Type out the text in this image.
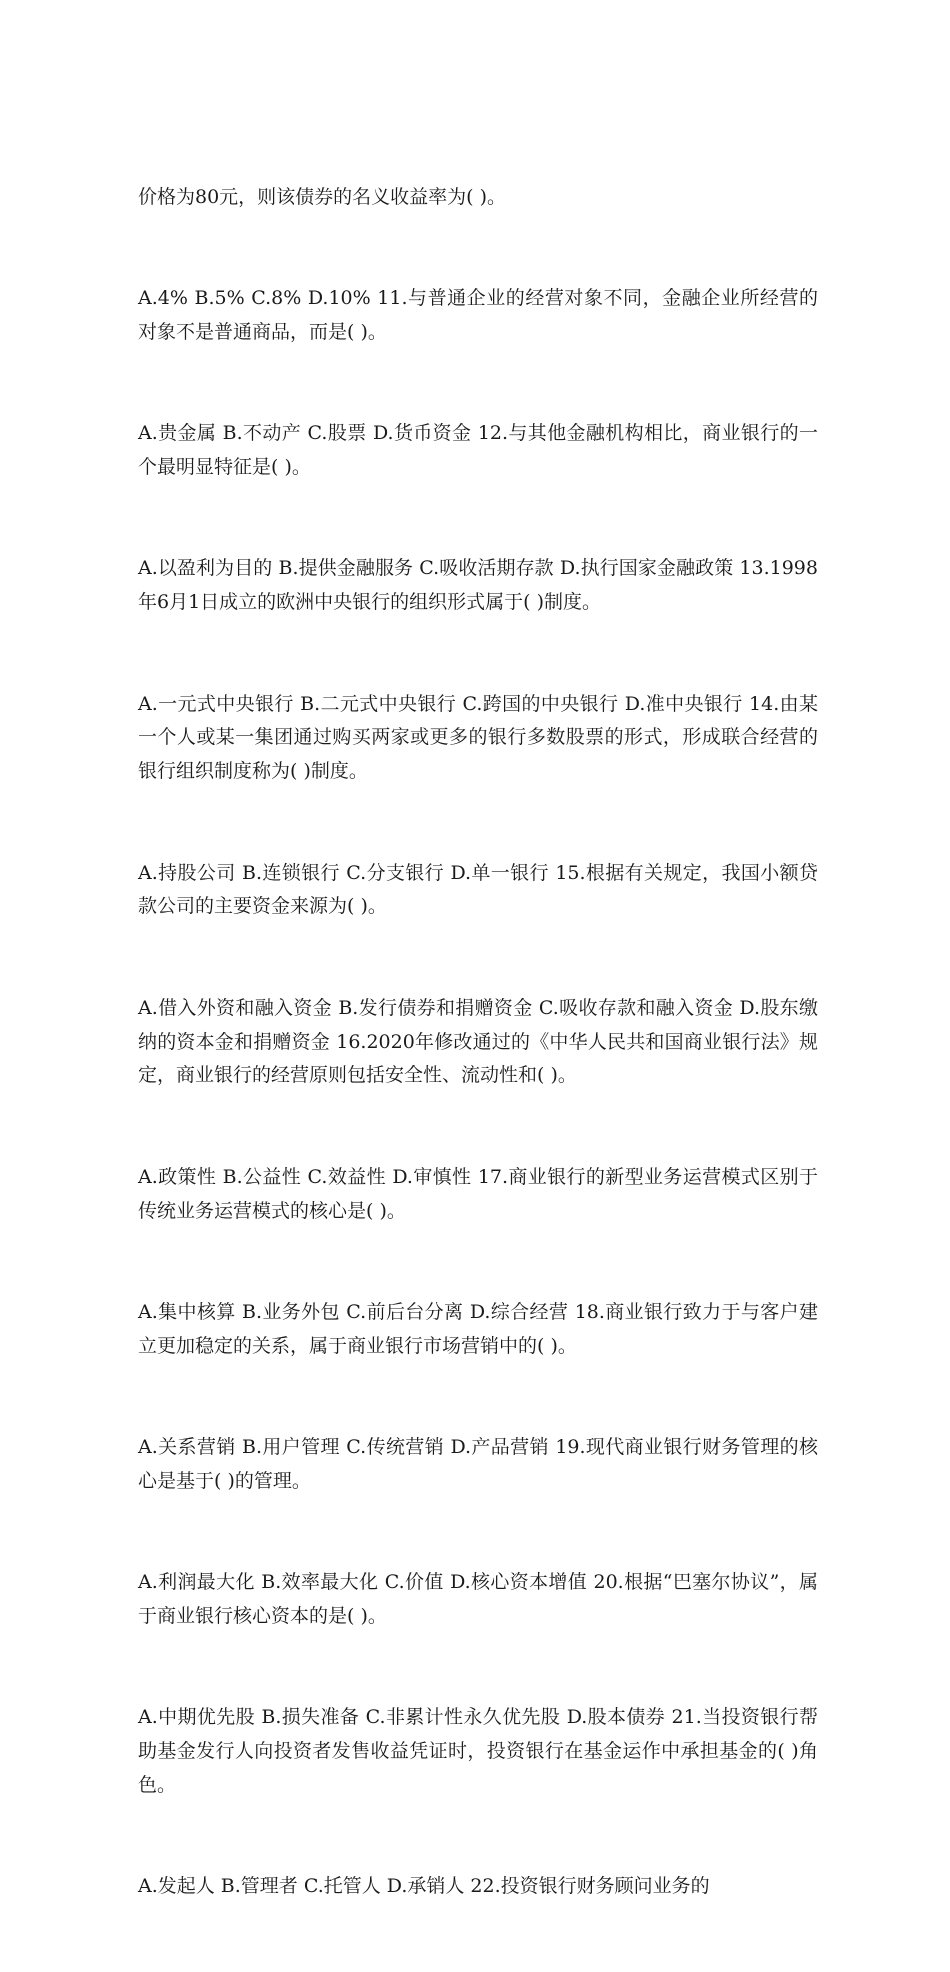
价格为80元，则该债券的名义收益率为( )。

A.4% B.5% C.8% D.10% 11.与普通企业的经营对象不同，金融企业所经营的对象不是普通商品，而是( )。

A.贵金属 B.不动产 C.股票 D.货币资金 12.与其他金融机构相比，商业银行的一个最明显特征是( )。

A.以盈利为目的 B.提供金融服务 C.吸收活期存款 D.执行国家金融政策 13.1998年6月1日成立的欧洲中央银行的组织形式属于( )制度。

A.一元式中央银行 B.二元式中央银行 C.跨国的中央银行 D.准中央银行 14.由某一个人或某一集团通过购买两家或更多的银行多数股票的形式，形成联合经营的银行组织制度称为( )制度。

A.持股公司 B.连锁银行 C.分支银行 D.单一银行 15.根据有关规定，我国小额贷款公司的主要资金来源为( )。

A.借入外资和融入资金 B.发行债券和捐赠资金 C.吸收存款和融入资金 D.股东缴纳的资本金和捐赠资金 16.2020年修改通过的《中华人民共和国商业银行法》规定，商业银行的经营原则包括安全性、流动性和( )。

A.政策性 B.公益性 C.效益性 D.审慎性 17.商业银行的新型业务运营模式区别于传统业务运营模式的核心是( )。

A.集中核算 B.业务外包 C.前后台分离 D.综合经营 18.商业银行致力于与客户建立更加稳定的关系，属于商业银行市场营销中的( )。

A.关系营销 B.用户管理 C.传统营销 D.产品营销 19.现代商业银行财务管理的核心是基于( )的管理。

A.利润最大化 B.效率最大化 C.价值 D.核心资本增值 20.根据“巴塞尔协议”，属于商业银行核心资本的是( )。

A.中期优先股 B.损失准备 C.非累计性永久优先股 D.股本债券 21.当投资银行帮助基金发行人向投资者发售收益凭证时，投资银行在基金运作中承担基金的( )角色。

A.发起人 B.管理者 C.托管人 D.承销人 22.投资银行财务顾问业务的
